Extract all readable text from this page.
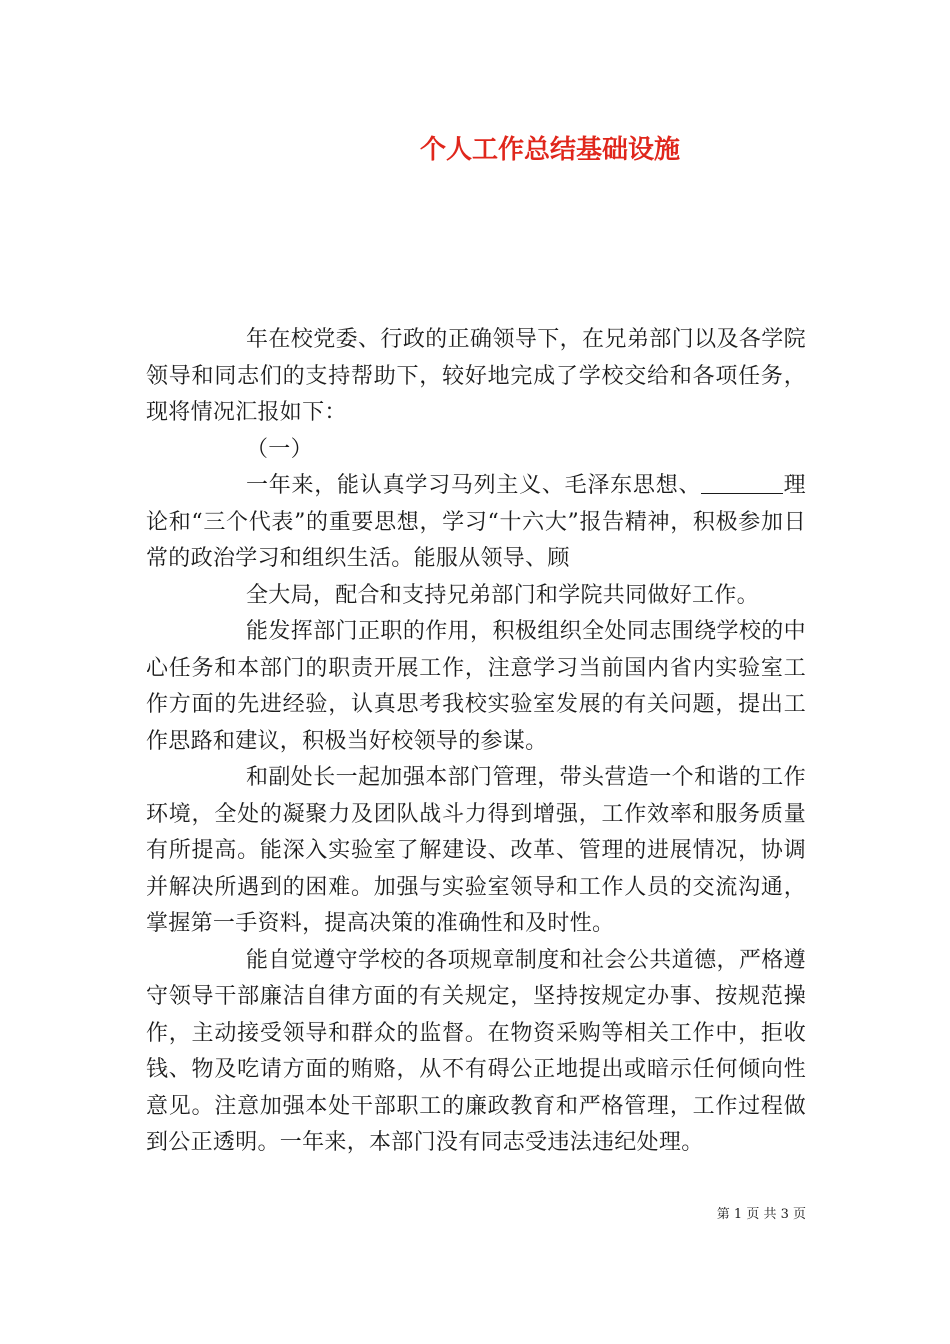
个人工作总结基础设施

年在校党委、行政的正确领导下，在兄弟部门以及各学院领导和同志们的支持帮助下，较好地完成了学校交给和各项任务，现将情况汇报如下：

（一）

一年来，能认真学习马列主义、毛泽东思想、	理论和“三个代表”的重要思想，学习“十六大”报告精神，积极参加日常的政治学习和组织生活。能服从领导、顾

全大局，配合和支持兄弟部门和学院共同做好工作。

能发挥部门正职的作用，积极组织全处同志围绕学校的中心任务和本部门的职责开展工作，注意学习当前国内省内实验室工作方面的先进经验，认真思考我校实验室发展的有关问题，提出工作思路和建议，积极当好校领导的参谋。

和副处长一起加强本部门管理，带头营造一个和谐的工作环境，全处的凝聚力及团队战斗力得到增强，工作效率和服务质量有所提高。能深入实验室了解建设、改革、管理的进展情况，协调并解决所遇到的困难。加强与实验室领导和工作人员的交流沟通，掌握第一手资料，提高决策的准确性和及时性。

能自觉遵守学校的各项规章制度和社会公共道德，严格遵守领导干部廉洁自律方面的有关规定，坚持按规定办事、按规范操作，主动接受领导和群众的监督。在物资采购等相关工作中，拒收钱、物及吃请方面的贿赂，从不有碍公正地提出或暗示任何倾向性意见。注意加强本处干部职工的廉政教育和严格管理，工作过程做到公正透明。一年来，本部门没有同志受违法违纪处理。

第 1 页 共 3 页
